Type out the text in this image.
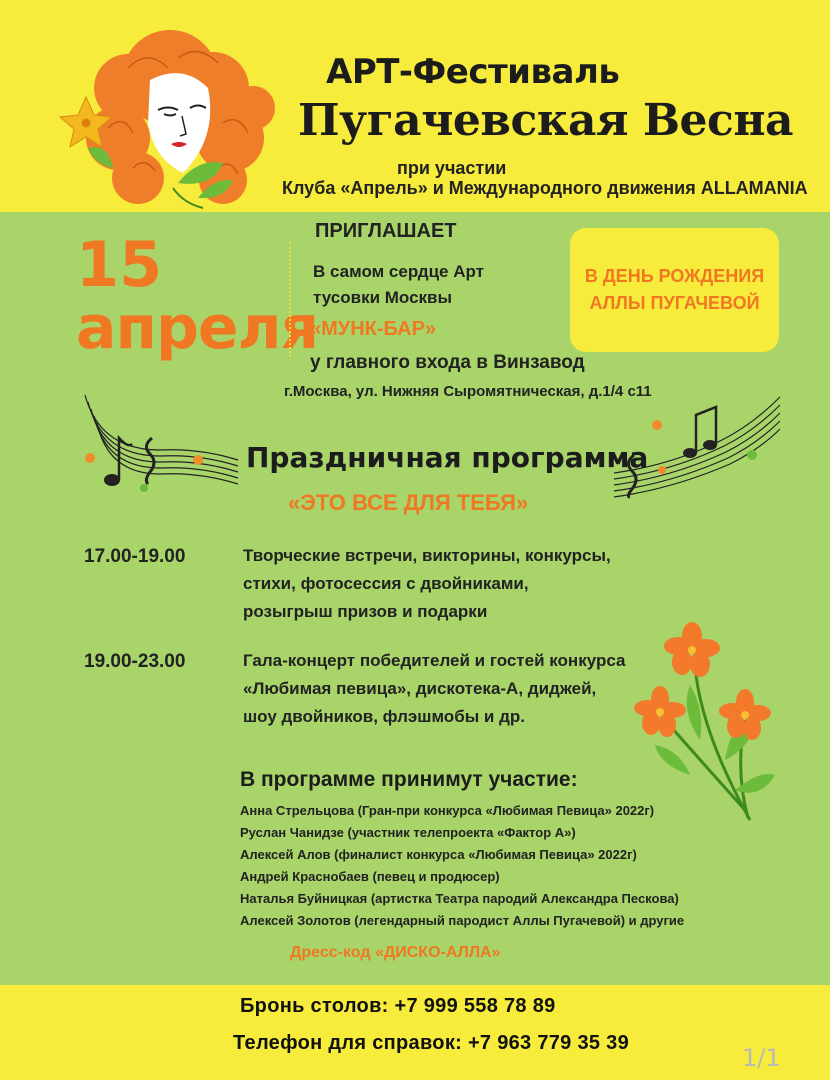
АРТ-Фестиваль
Пугачевская Весна
при участии
Клуба «Апрель» и Международного движения ALLAMANIA
15
апреля
ПРИГЛАШАЕТ
В самом сердце Арт
тусовки Москвы
«МУНК-БАР»
у главного входа в Винзавод
г.Москва, ул. Нижняя Сыромятническая, д.1/4 с11
В ДЕНЬ РОЖДЕНИЯ
АЛЛЫ ПУГАЧЕВОЙ
Праздничная программа
«ЭТО ВСЕ ДЛЯ ТЕБЯ»
17.00-19.00	Творческие встречи, викторины, конкурсы,
стихи, фотосессия с двойниками,
розыгрыш призов и подарки
19.00-23.00	Гала-концерт победителей и гостей конкурса
«Любимая певица», дискотека-А, диджей,
шоу двойников, флэшмобы и др.
В программе принимут участие:
Анна Стрельцова (Гран-при конкурса «Любимая Певица» 2022г)
Руслан Чанидзе (участник телепроекта «Фактор А»)
Алексей Алов (финалист конкурса «Любимая Певица» 2022г)
Андрей Краснобаев (певец и продюсер)
Наталья Буйницкая (артистка Театра пародий Александра Пескова)
Алексей Золотов (легендарный пародист Аллы Пугачевой) и другие
Дресс-код «ДИСКО-АЛЛА»
Бронь столов: +7 999 558 78 89
Телефон для справок: +7 963 779 35 39
1/1
